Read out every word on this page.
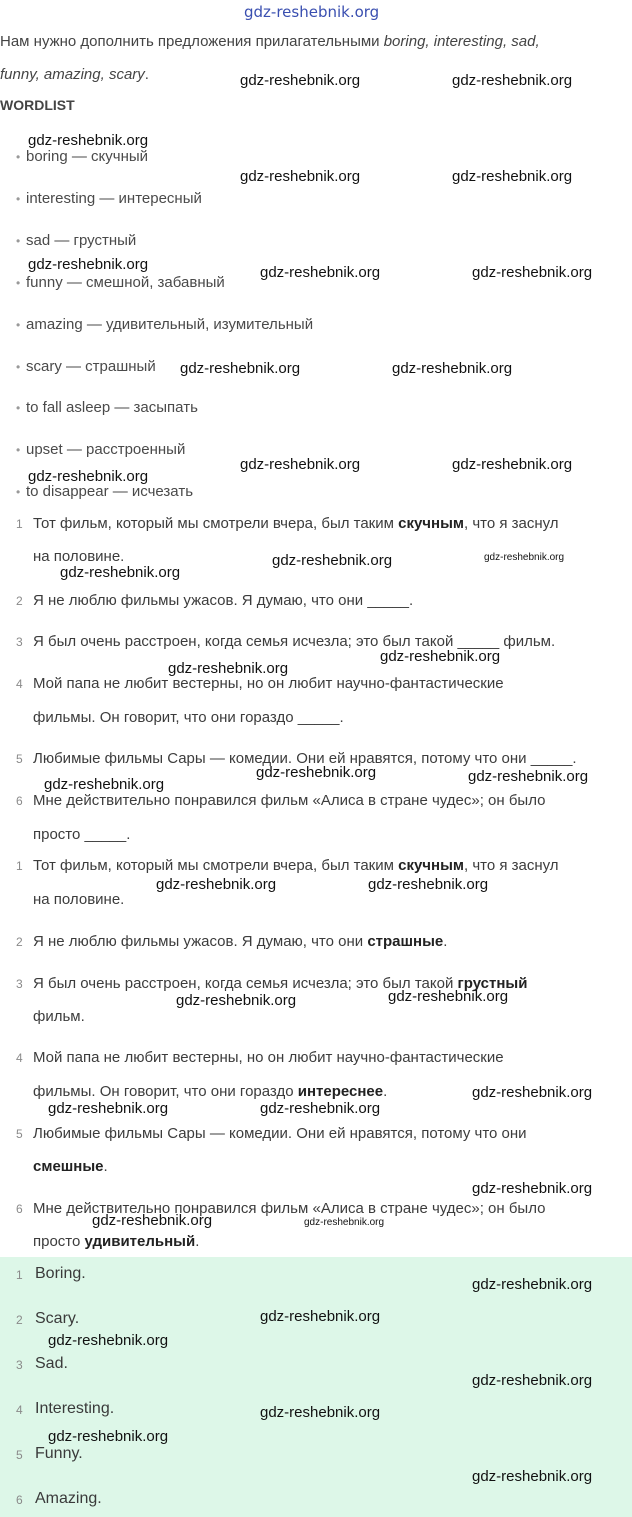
gdz-reshebnik.org
Нам нужно дополнить предложения прилагательными boring, interesting, sad,
funny, amazing, scary.
WORDLIST
• boring — скучный
• interesting — интересный
• sad — грустный
• funny — смешной, забавный
• amazing — удивительный, изумительный
• scary — страшный
• to fall asleep — засыпать
• upset — расстроенный
• to disappear — исчезать
1 Тот фильм, который мы смотрели вчера, был таким скучным, что я заснул
на половине.
2 Я не люблю фильмы ужасов. Я думаю, что они _____.
3 Я был очень расстроен, когда семья исчезла; это был такой _____ фильм.
4 Мой папа не любит вестерны, но он любит научно-фантастические
фильмы. Он говорит, что они гораздо _____.
5 Любимые фильмы Сары — комедии. Они ей нравятся, потому что они _____.
6 Мне действительно понравился фильм «Алиса в стране чудес»; он было
просто _____.
1 Тот фильм, который мы смотрели вчера, был таким скучным, что я заснул
на половине.
2 Я не люблю фильмы ужасов. Я думаю, что они страшные.
3 Я был очень расстроен, когда семья исчезла; это был такой грустный
фильм.
4 Мой папа не любит вестерны, но он любит научно-фантастические
фильмы. Он говорит, что они гораздо интереснее.
5 Любимые фильмы Сары — комедии. Они ей нравятся, потому что они
смешные.
6 Мне действительно понравился фильм «Алиса в стране чудес»; он было
просто удивительный.
1 Boring.
2 Scary.
3 Sad.
4 Interesting.
5 Funny.
6 Amazing.
gdz-reshebnik.org	gdz-reshebnik.org
gdz-reshebnik.org
gdz-reshebnik.org	gdz-reshebnik.org
gdz-reshebnik.org	gdz-reshebnik.org	gdz-reshebnik.org
gdz-reshebnik.org	gdz-reshebnik.org
gdz-reshebnik.org	gdz-reshebnik.org
gdz-reshebnik.org
gdz-reshebnik.org	gdz-reshebnik.org
gdz-reshebnik.org
gdz-reshebnik.org
gdz-reshebnik.org
gdz-reshebnik.org	gdz-reshebnik.org
gdz-reshebnik.org
gdz-reshebnik.org	gdz-reshebnik.org
gdz-reshebnik.org
gdz-reshebnik.org
gdz-reshebnik.org
gdz-reshebnik.org	gdz-reshebnik.org
gdz-reshebnik.org
gdz-reshebnik.org	gdz-reshebnik.org
gdz-reshebnik.org
gdz-reshebnik.org
gdz-reshebnik.org
gdz-reshebnik.org
gdz-reshebnik.org
gdz-reshebnik.org
gdz-reshebnik.org
